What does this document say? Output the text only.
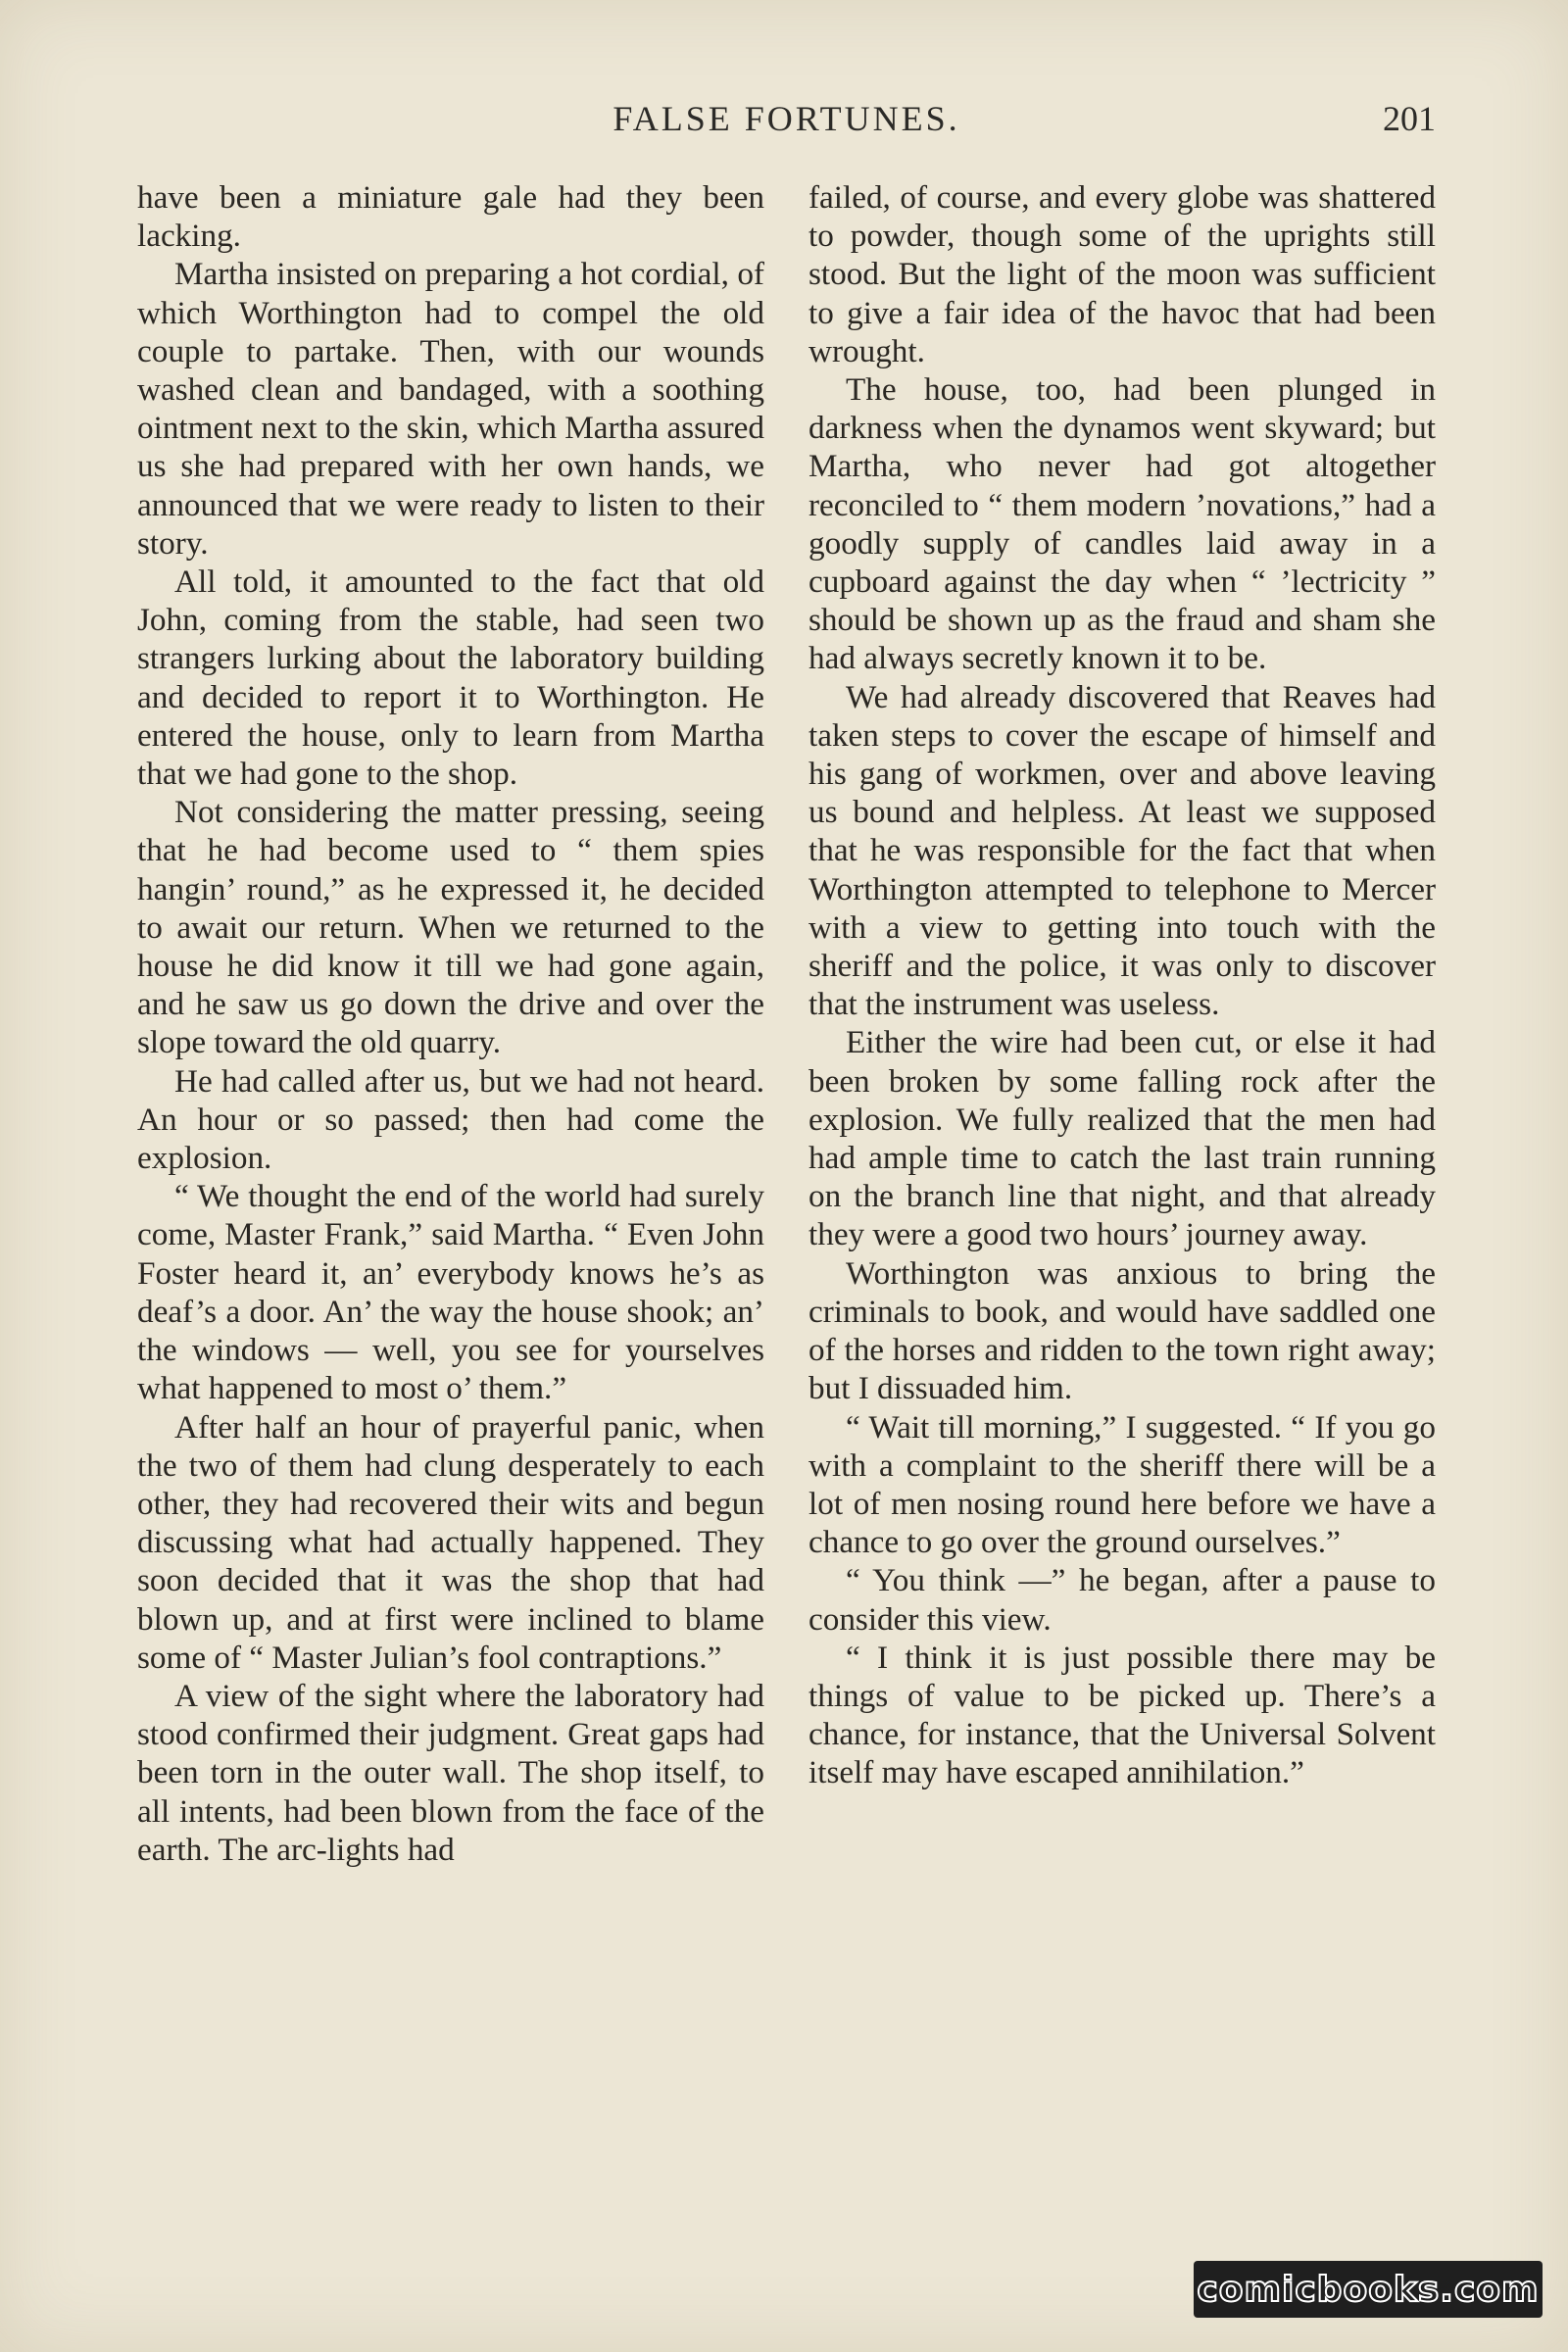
FALSE FORTUNES.	201

have been a miniature gale had they been lacking.

Martha insisted on preparing a hot cordial, of which Worthington had to compel the old couple to partake. Then, with our wounds washed clean and bandaged, with a soothing ointment next to the skin, which Martha assured us she had prepared with her own hands, we announced that we were ready to listen to their story.

All told, it amounted to the fact that old John, coming from the stable, had seen two strangers lurking about the laboratory building and decided to report it to Worthington. He entered the house, only to learn from Martha that we had gone to the shop.

Not considering the matter pressing, seeing that he had become used to “ them spies hangin’ round,” as he expressed it, he decided to await our return. When we returned to the house he did know it till we had gone again, and he saw us go down the drive and over the slope toward the old quarry.

He had called after us, but we had not heard. An hour or so passed; then had come the explosion.

“ We thought the end of the world had surely come, Master Frank,” said Martha. “ Even John Foster heard it, an’ everybody knows he’s as deaf’s a door. An’ the way the house shook; an’ the windows — well, you see for yourselves what happened to most o’ them.”

After half an hour of prayerful panic, when the two of them had clung desperately to each other, they had recovered their wits and begun discussing what had actually happened. They soon decided that it was the shop that had blown up, and at first were inclined to blame some of “ Master Julian’s fool contraptions.”

A view of the sight where the laboratory had stood confirmed their judgment. Great gaps had been torn in the outer wall. The shop itself, to all intents, had been blown from the face of the earth. The arc-lights had

failed, of course, and every globe was shattered to powder, though some of the uprights still stood. But the light of the moon was sufficient to give a fair idea of the havoc that had been wrought.

The house, too, had been plunged in darkness when the dynamos went skyward; but Martha, who never had got altogether reconciled to “ them modern ’novations,” had a goodly supply of candles laid away in a cupboard against the day when “ ’lectricity ” should be shown up as the fraud and sham she had always secretly known it to be.

We had already discovered that Reaves had taken steps to cover the escape of himself and his gang of workmen, over and above leaving us bound and helpless. At least we supposed that he was responsible for the fact that when Worthington attempted to telephone to Mercer with a view to getting into touch with the sheriff and the police, it was only to discover that the instrument was useless.

Either the wire had been cut, or else it had been broken by some falling rock after the explosion. We fully realized that the men had had ample time to catch the last train running on the branch line that night, and that already they were a good two hours’ journey away.

Worthington was anxious to bring the criminals to book, and would have saddled one of the horses and ridden to the town right away; but I dissuaded him.

“ Wait till morning,” I suggested. “ If you go with a complaint to the sheriff there will be a lot of men nosing round here before we have a chance to go over the ground ourselves.”

“ You think —” he began, after a pause to consider this view.

“ I think it is just possible there may be things of value to be picked up. There’s a chance, for instance, that the Universal Solvent itself may have escaped annihilation.”

comicbooks.com
